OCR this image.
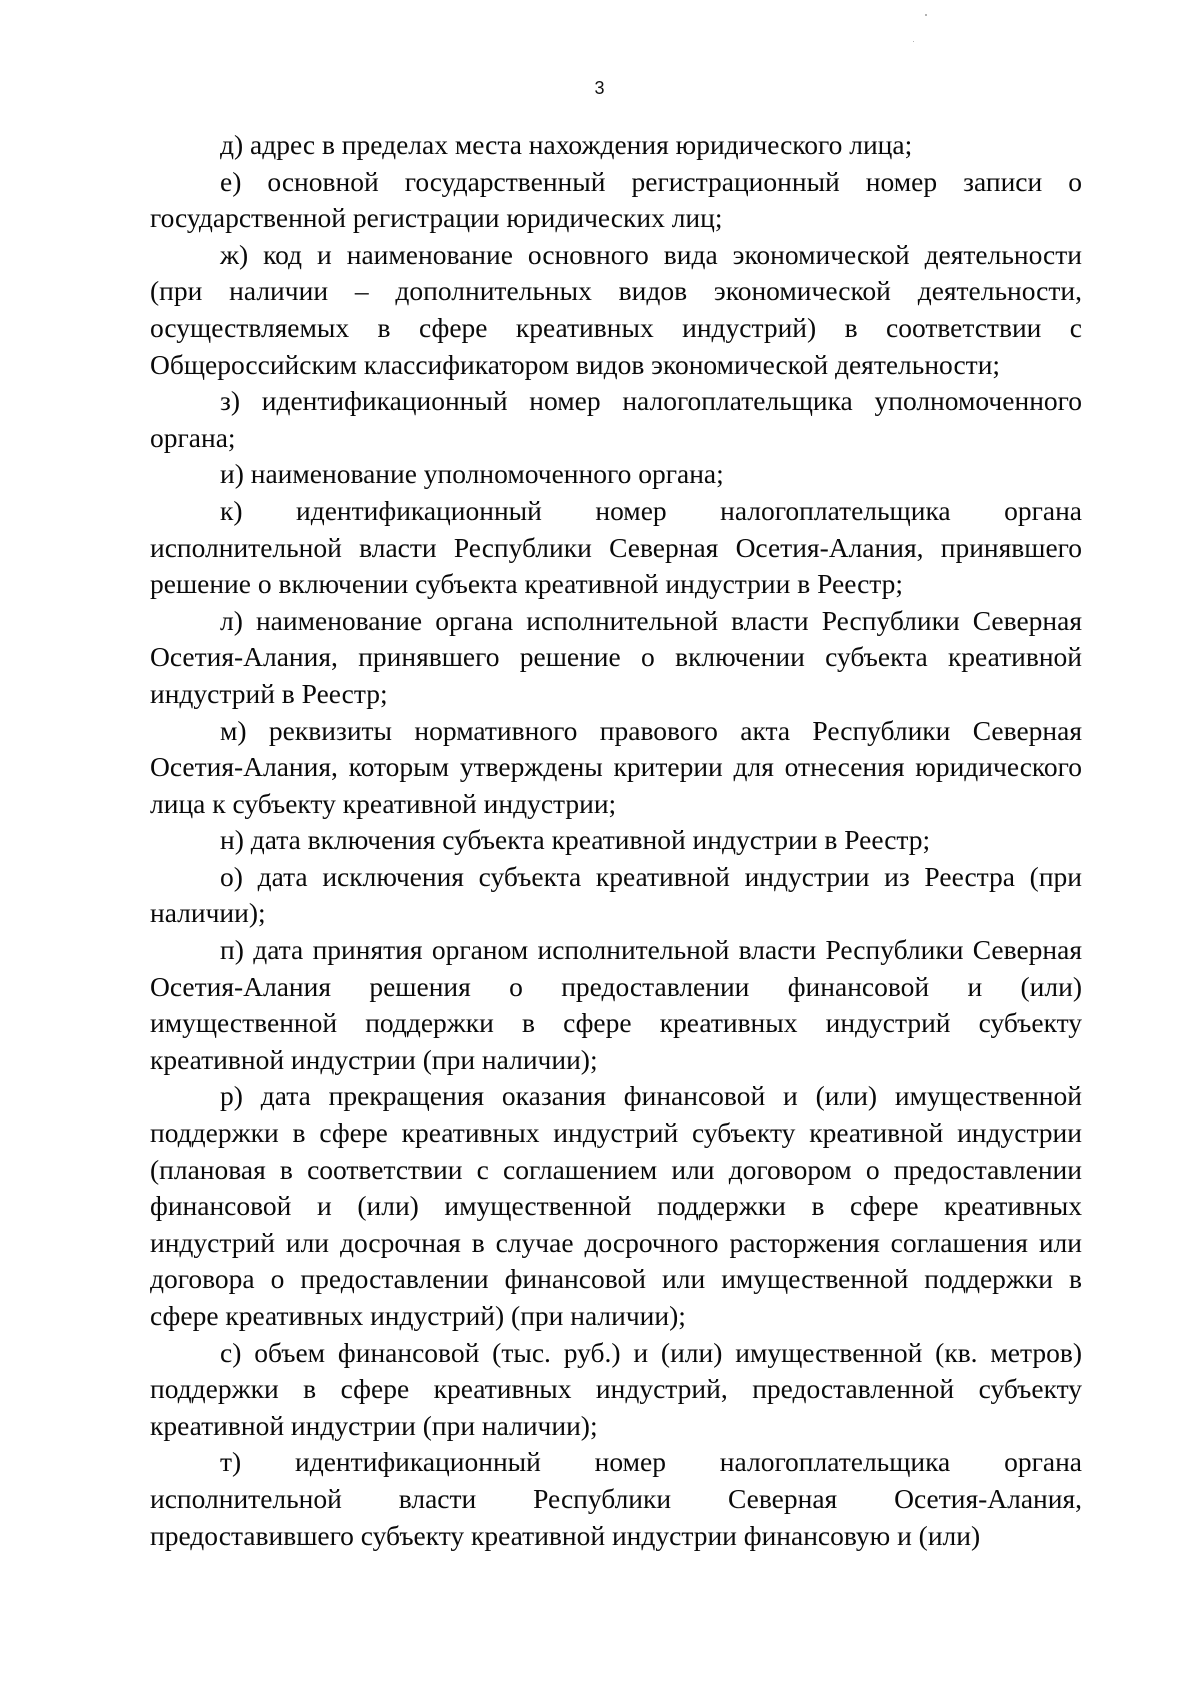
3

д) адрес в пределах места нахождения юридического лица;

е) основной государственный регистрационный номер записи о государственной регистрации юридических лиц;

ж) код и наименование основного вида экономической деятельности (при наличии – дополнительных видов экономической деятельности, осуществляемых в сфере креативных индустрий) в соответствии с Общероссийским классификатором видов экономической деятельности;

з) идентификационный номер налогоплательщика уполномоченного органа;

и) наименование уполномоченного органа;

к) идентификационный номер налогоплательщика органа исполнительной власти Республики Северная Осетия-Алания, принявшего решение о включении субъекта креативной индустрии в Реестр;

л) наименование органа исполнительной власти Республики Северная Осетия-Алания, принявшего решение о включении субъекта креативной индустрий в Реестр;

м) реквизиты нормативного правового акта Республики Северная Осетия-Алания, которым утверждены критерии для отнесения юридического лица к субъекту креативной индустрии;

н) дата включения субъекта креативной индустрии в Реестр;

о) дата исключения субъекта креативной индустрии из Реестра (при наличии);

п) дата принятия органом исполнительной власти Республики Северная Осетия-Алания решения о предоставлении финансовой и (или) имущественной поддержки в сфере креативных индустрий субъекту креативной индустрии (при наличии);

р) дата прекращения оказания финансовой и (или) имущественной поддержки в сфере креативных индустрий субъекту креативной индустрии (плановая в соответствии с соглашением или договором о предоставлении финансовой и (или) имущественной поддержки в сфере креативных индустрий или досрочная в случае досрочного расторжения соглашения или договора о предоставлении финансовой или имущественной поддержки в сфере креативных индустрий) (при наличии);

с) объем финансовой (тыс. руб.) и (или) имущественной (кв. метров) поддержки в сфере креативных индустрий, предоставленной субъекту креативной индустрии (при наличии);

т) идентификационный номер налогоплательщика органа исполнительной власти Республики Северная Осетия-Алания, предоставившего субъекту креативной индустрии финансовую и (или)
